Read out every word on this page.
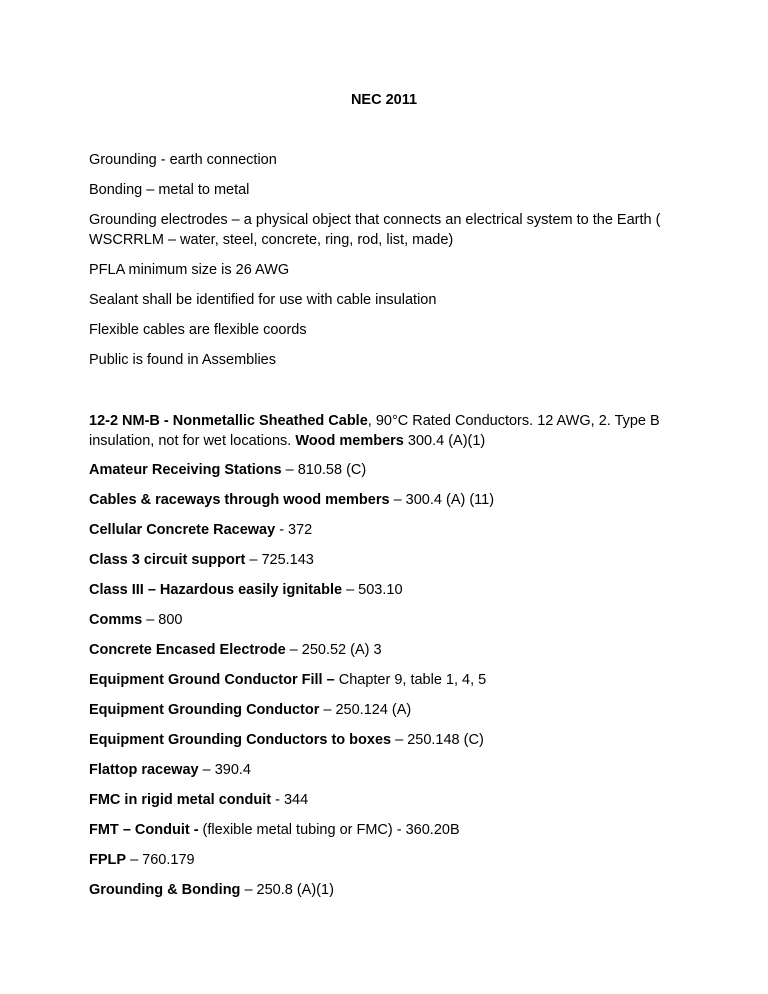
NEC 2011

Grounding - earth connection

Bonding – metal to metal

Grounding electrodes – a physical object that connects an electrical system to the Earth ( WSCRRLM – water, steel, concrete, ring, rod, list, made)

PFLA minimum size is 26 AWG

Sealant shall be identified for use with cable insulation

Flexible cables are flexible coords

Public is found in Assemblies

12-2 NM-B - Nonmetallic Sheathed Cable, 90°C Rated Conductors. 12 AWG, 2. Type B insulation, not for wet locations. Wood members 300.4 (A)(1)

Amateur Receiving Stations – 810.58 (C)

Cables & raceways through wood members – 300.4 (A) (11)

Cellular Concrete Raceway - 372

Class 3 circuit support – 725.143

Class III – Hazardous easily ignitable – 503.10

Comms – 800

Concrete Encased Electrode – 250.52 (A) 3

Equipment Ground Conductor Fill – Chapter 9, table 1, 4, 5

Equipment Grounding Conductor – 250.124 (A)

Equipment Grounding Conductors to boxes – 250.148 (C)

Flattop raceway – 390.4

FMC in rigid metal conduit - 344

FMT – Conduit - (flexible metal tubing or FMC) - 360.20B

FPLP – 760.179

Grounding & Bonding – 250.8 (A)(1)
